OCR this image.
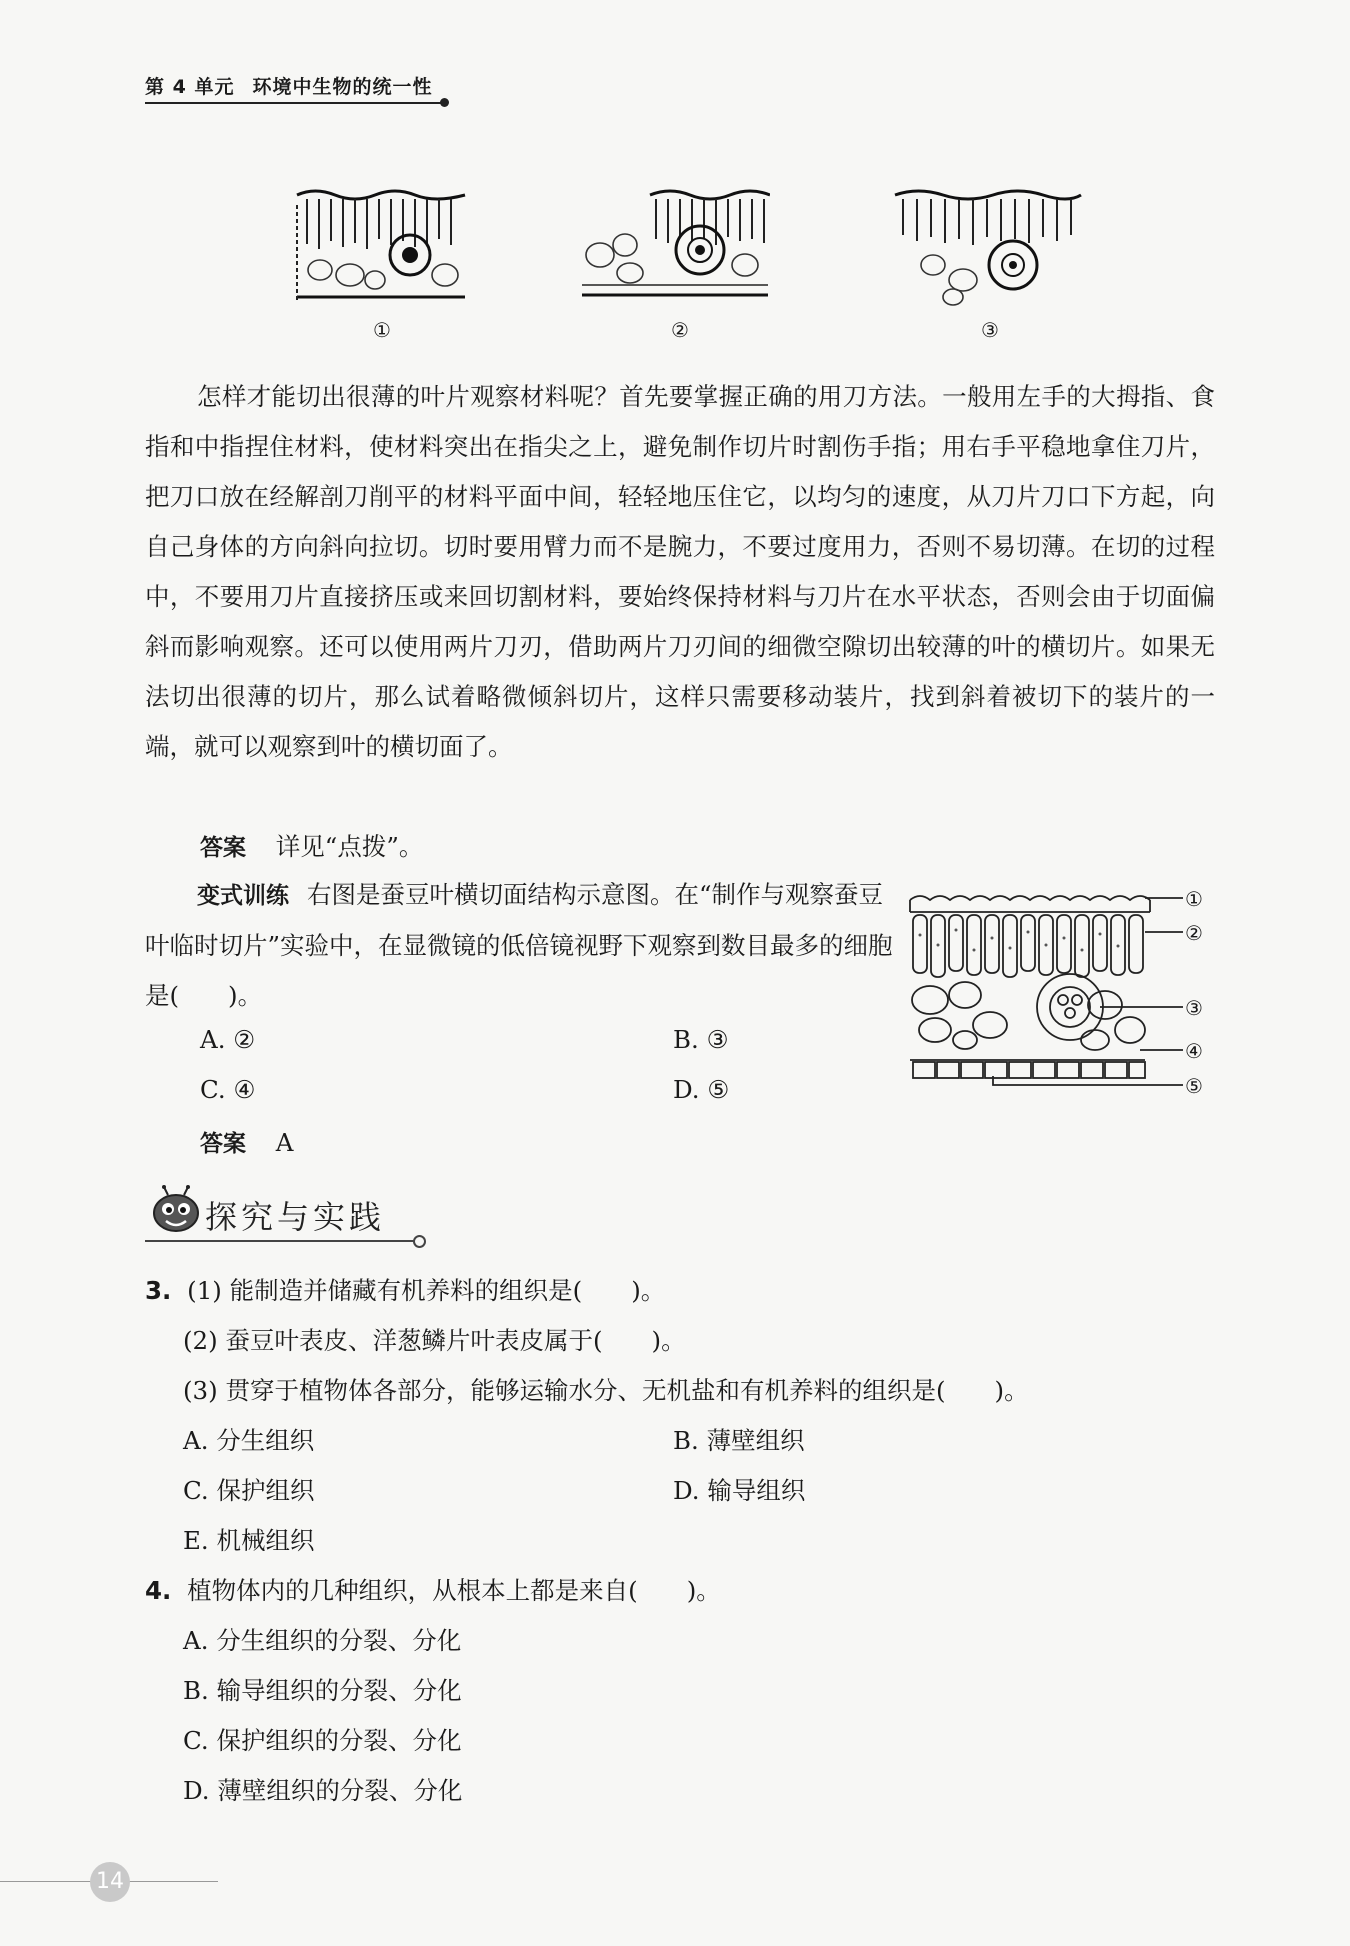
第 4 单元 环境中生物的统一性
①	②	③

怎样才能切出很薄的叶片观察材料呢？首先要掌握正确的用刀方法。一般用左手的大拇指、食指和中指捏住材料，使材料突出在指尖之上，避免制作切片时割伤手指；用右手平稳地拿住刀片，把刀口放在经解剖刀削平的材料平面中间，轻轻地压住它，以均匀的速度，从刀片刀口下方起，向自己身体的方向斜向拉切。切时要用臂力而不是腕力，不要过度用力，否则不易切薄。在切的过程中，不要用刀片直接挤压或来回切割材料，要始终保持材料与刀片在水平状态，否则会由于切面偏斜而影响观察。还可以使用两片刀刃，借助两片刀刃间的细微空隙切出较薄的叶的横切片。如果无法切出很薄的切片，那么试着略微倾斜切片，这样只需要移动装片，找到斜着被切下的装片的一端，就可以观察到叶的横切面了。

答案 详见“点拨”。

变式训练 右图是蚕豆叶横切面结构示意图。在“制作与观察蚕豆叶临时切片”实验中，在显微镜的低倍镜视野下观察到数目最多的细胞是(　　)。

A. ②	B. ③
C. ④	D. ⑤
①
②
③
④
⑤
答案 A
探究与实践
3. (1) 能制造并储藏有机养料的组织是(　　)。
(2) 蚕豆叶表皮、洋葱鳞片叶表皮属于(　　)。
(3) 贯穿于植物体各部分，能够运输水分、无机盐和有机养料的组织是(　　)。
A. 分生组织	B. 薄壁组织
C. 保护组织	D. 输导组织
E. 机械组织
4. 植物体内的几种组织，从根本上都是来自(　　)。
A. 分生组织的分裂、分化
B. 输导组织的分裂、分化
C. 保护组织的分裂、分化
D. 薄壁组织的分裂、分化
14
